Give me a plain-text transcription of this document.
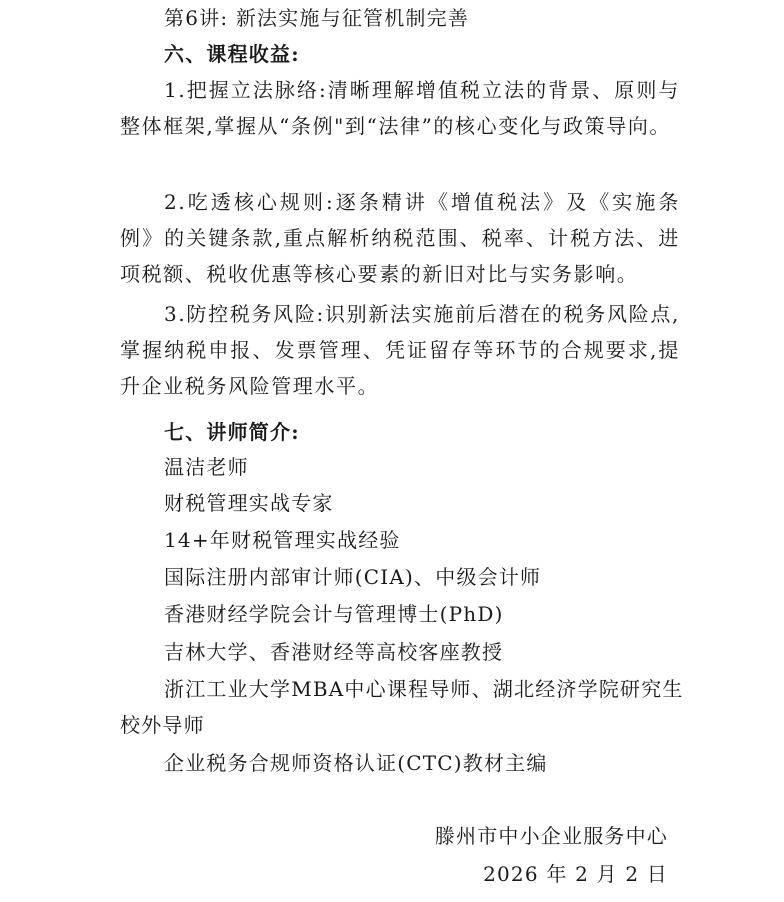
第6讲: 新法实施与征管机制完善
六、课程收益:
1.把握立法脉络:清晰理解增值税立法的背景、原则与整体框架,掌握从“条例"到“法律”的核心变化与政策导向。
2.吃透核心规则:逐条精讲《增值税法》及《实施条例》的关键条款,重点解析纳税范围、税率、计税方法、进项税额、税收优惠等核心要素的新旧对比与实务影响。
3.防控税务风险:识别新法实施前后潜在的税务风险点,掌握纳税申报、发票管理、凭证留存等环节的合规要求,提升企业税务风险管理水平。
七、讲师简介:
温洁老师
财税管理实战专家
14+年财税管理实战经验
国际注册内部审计师(CIA)、中级会计师
香港财经学院会计与管理博士(PhD)
吉林大学、香港财经等高校客座教授
浙江工业大学MBA中心课程导师、湖北经济学院研究生
校外导师
企业税务合规师资格认证(CTC)教材主编
滕州市中小企业服务中心
2026 年 2 月 2 日
